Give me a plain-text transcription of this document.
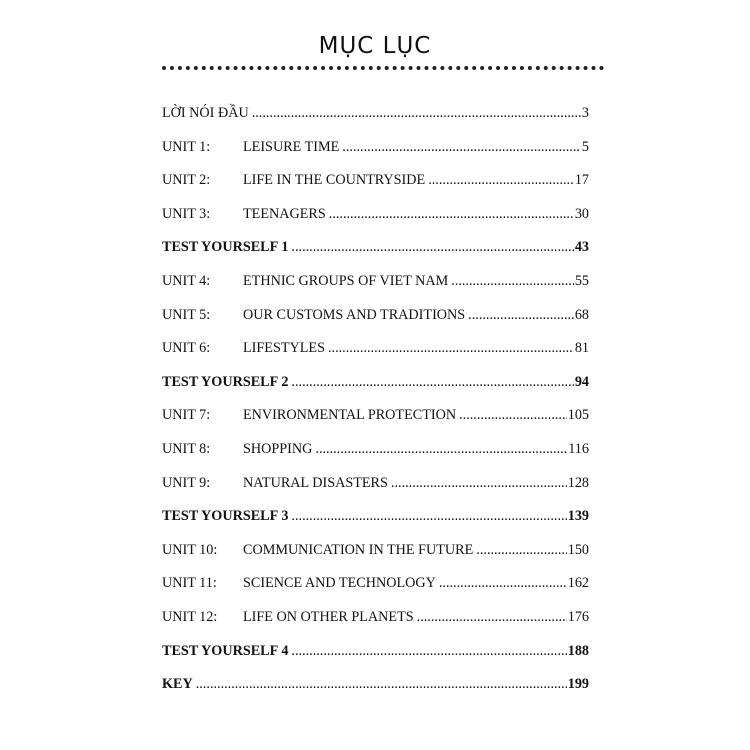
MỤC LỤC
LỜI NÓI ĐẦU .....	3
UNIT 1:	LEISURE TIME .....	5
UNIT 2:	LIFE IN THE COUNTRYSIDE .....	17
UNIT 3:	TEENAGERS .....	30
TEST YOURSELF 1 .....	43
UNIT 4:	ETHNIC GROUPS OF VIET NAM .....	55
UNIT 5:	OUR CUSTOMS AND TRADITIONS .....	68
UNIT 6:	LIFESTYLES .....	81
TEST YOURSELF 2 .....	94
UNIT 7:	ENVIRONMENTAL PROTECTION .....	105
UNIT 8:	SHOPPING .....	116
UNIT 9:	NATURAL DISASTERS .....	128
TEST YOURSELF 3 .....	139
UNIT 10:	COMMUNICATION IN THE FUTURE .....	150
UNIT 11:	SCIENCE AND TECHNOLOGY .....	162
UNIT 12:	LIFE ON OTHER PLANETS .....	176
TEST YOURSELF 4 .....	188
KEY .....	199
